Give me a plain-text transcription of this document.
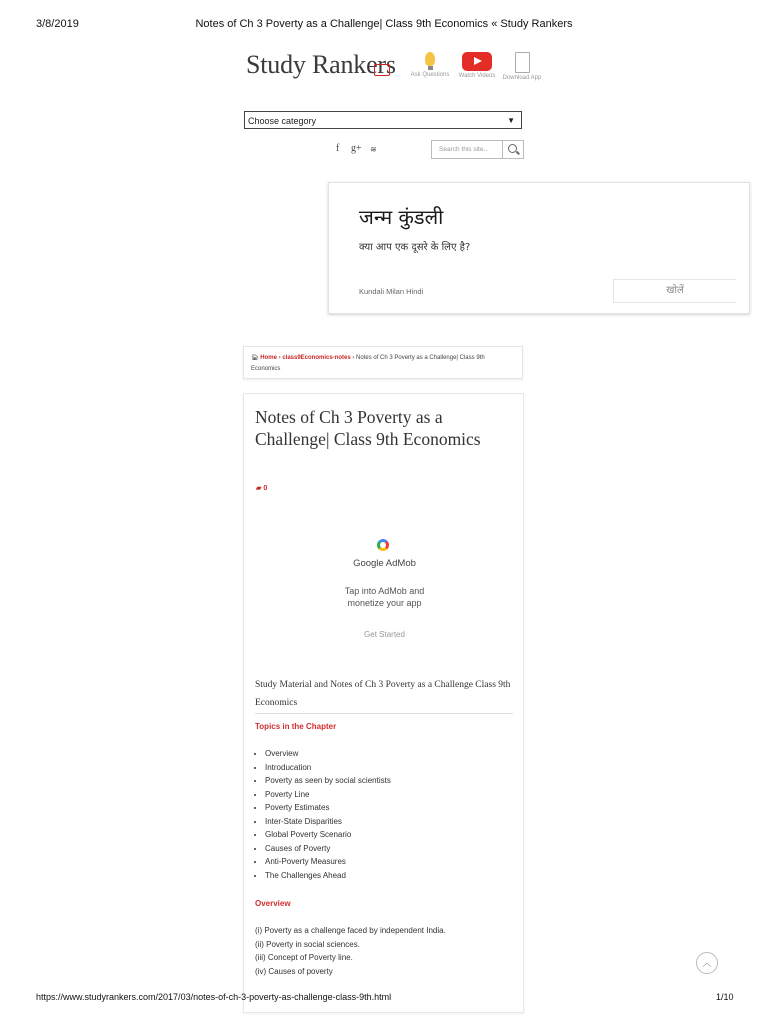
3/8/2019	Notes of Ch 3 Poverty as a Challenge| Class 9th Economics « Study Rankers
Study Rankers	Ask Questions	Watch Videos	Download App
Choose category	▼
f g+ ≋	Search this site...
जन्म कुंडली
क्या आप एक दूसरे के लिए है?
Kundali Milan Hindi	खोलें
🏠︎ Home › class9Economics-notes › Notes of Ch 3 Poverty as a Challenge| Class 9th Economics
Notes of Ch 3 Poverty as a Challenge| Class 9th Economics
▰ 0
Google AdMob
Tap into AdMob and monetize your app
Get Started
Study Material and Notes of Ch 3 Poverty as a Challenge Class 9th Economics
Topics in the Chapter
• Overview
• Introducation
• Poverty as seen by social scientists
• Poverty Line
• Poverty Estimates
• Inter-State Disparities
• Global Poverty Scenario
• Causes of Poverty
• Anti-Poverty Measures
• The Challenges Ahead
Overview
(i) Poverty as a challenge faced by independent India.
(ii) Poverty in social sciences.
(iii) Concept of Poverty line.
(iv) Causes of poverty
︿
https://www.studyrankers.com/2017/03/notes-of-ch-3-poverty-as-challenge-class-9th.html	1/10
